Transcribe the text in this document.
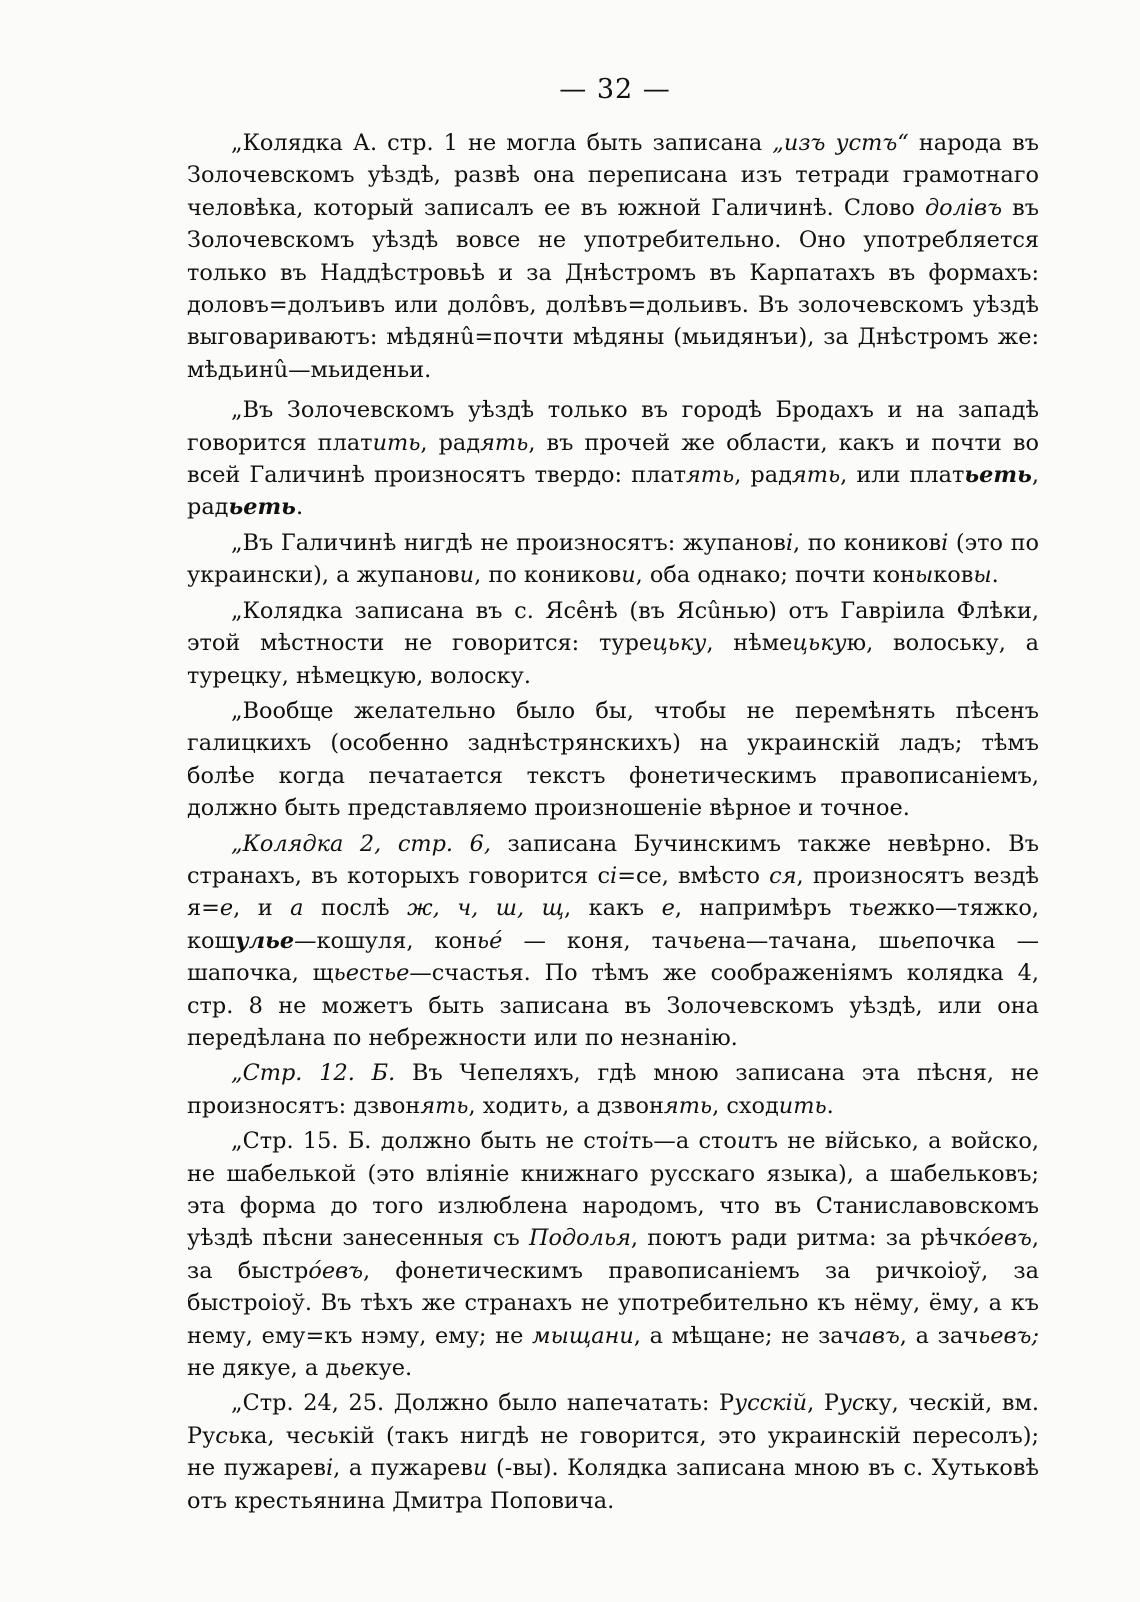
— 32 —

„Колядка А. стр. 1 не могла быть записана „изъ устъ“ народа въ Золочевскомъ уѣздѣ, развѣ она переписана изъ тетради грамотнаго человѣка, который записалъ ее въ южной Галичинѣ. Слово долівъ въ Золочевскомъ уѣздѣ вовсе не употребительно. Оно употребляется только въ Наддѣстровьѣ и за Днѣстромъ въ Карпатахъ въ формахъ: доловъ=долъивъ или долôвъ, долѣвъ=дольивъ. Въ золочевскомъ уѣздѣ выговариваютъ: мѣдянû=почти мѣдяны (мьидянъи), за Днѣстромъ же: мѣдьинû—мьиденьи.

„Въ Золочевскомъ уѣздѣ только въ городѣ Бродахъ и на западѣ говорится платить, радять, въ прочей же области, какъ и почти во всей Галичинѣ произносятъ твердо: платять, радять, или платьеть, радьеть.

„Въ Галичинѣ нигдѣ не произносятъ: жупанові, по коникові (это по украински), а жупанови, по коникови, оба однако; почти коныковы.

„Колядка записана въ с. Ясêнѣ (въ Ясûнью) отъ Гаврiила Флѣки, этой мѣстности не говорится: турецьку, нѣмецькую, волоську, а турецку, нѣмецкую, волоску.

„Вообще желательно было бы, чтобы не перемѣнять пѣсенъ галицкихъ (особенно заднѣстрянскихъ) на украинскiй ладъ; тѣмъ болѣе когда печатается текстъ фонетическимъ правописанiемъ, должно быть представляемо произношенiе вѣрное и точное.

„Колядка 2, стр. 6, записана Бучинскимъ также невѣрно. Въ странахъ, въ которыхъ говорится сі=се, вмѣсто ся, произносятъ вездѣ я=е, и а послѣ ж, ч, ш, щ, какъ е, напримѣръ тьежко—тяжко, кошульe—кошуля, коньé — коня, тачьена—тачана, шьепочка — шапочка, щьестье—счастья. По тѣмъ же соображенiямъ колядка 4, стр. 8 не можетъ быть записана въ Золочевскомъ уѣздѣ, или она передѣлана по небрежности или по незнанiю.

„Стр. 12. Б. Въ Чепеляхъ, гдѣ мною записана эта пѣсня, не произносятъ: дзвонять, ходить, а дзвонять, сходить.

„Стр. 15. Б. должно быть не стоіть—а стоитъ не військо, а войско, не шабелькой (это влiянiе книжнаго русскаго языка), а шабельковъ; эта форма до того излюблена народомъ, что въ Станиславовскомъ уѣздѣ пѣсни занесенныя съ Подолья, поютъ ради ритма: за рѣчкóевъ, за быстрóевъ, фонетическимъ правописанiемъ за ричкоiоў, за быстроiоў. Въ тѣхъ же странахъ не употребительно къ нёму, ёму, а къ нему, ему=къ нэму, ему; не мыщани, а мѣщане; не зачавъ, а зачьевъ; не дякуе, а дьекуе.

„Стр. 24, 25. Должно было напечатать: Русскій, Руску, ческій, вм. Руська, чеській (такъ нигдѣ не говорится, это украинскiй пересолъ); не пужареві, а пужареви (-вы). Колядка записана мною въ с. Хутьковѣ отъ крестьянина Дмитра Поповича.
